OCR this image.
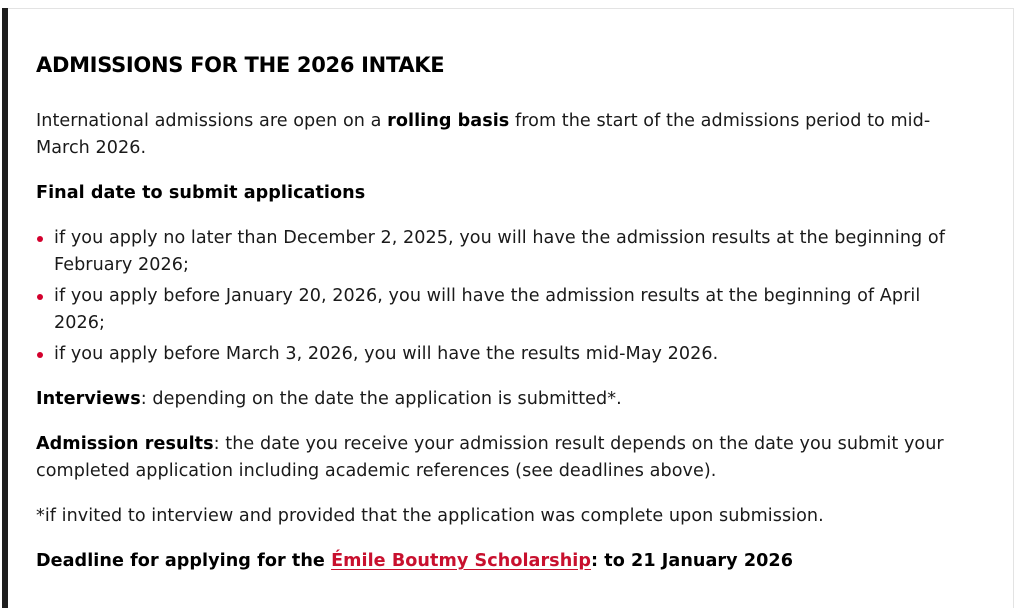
ADMISSIONS FOR THE 2026 INTAKE

International admissions are open on a rolling basis from the start of the admissions period to mid-March 2026.

Final date to submit applications

if you apply no later than December 2, 2025, you will have the admission results at the beginning of February 2026;
if you apply before January 20, 2026, you will have the admission results at the beginning of April 2026;
if you apply before March 3, 2026, you will have the results mid-May 2026.

Interviews: depending on the date the application is submitted*.

Admission results: the date you receive your admission result depends on the date you submit your completed application including academic references (see deadlines above).

*if invited to interview and provided that the application was complete upon submission.

Deadline for applying for the Émile Boutmy Scholarship: to 21 January 2026
